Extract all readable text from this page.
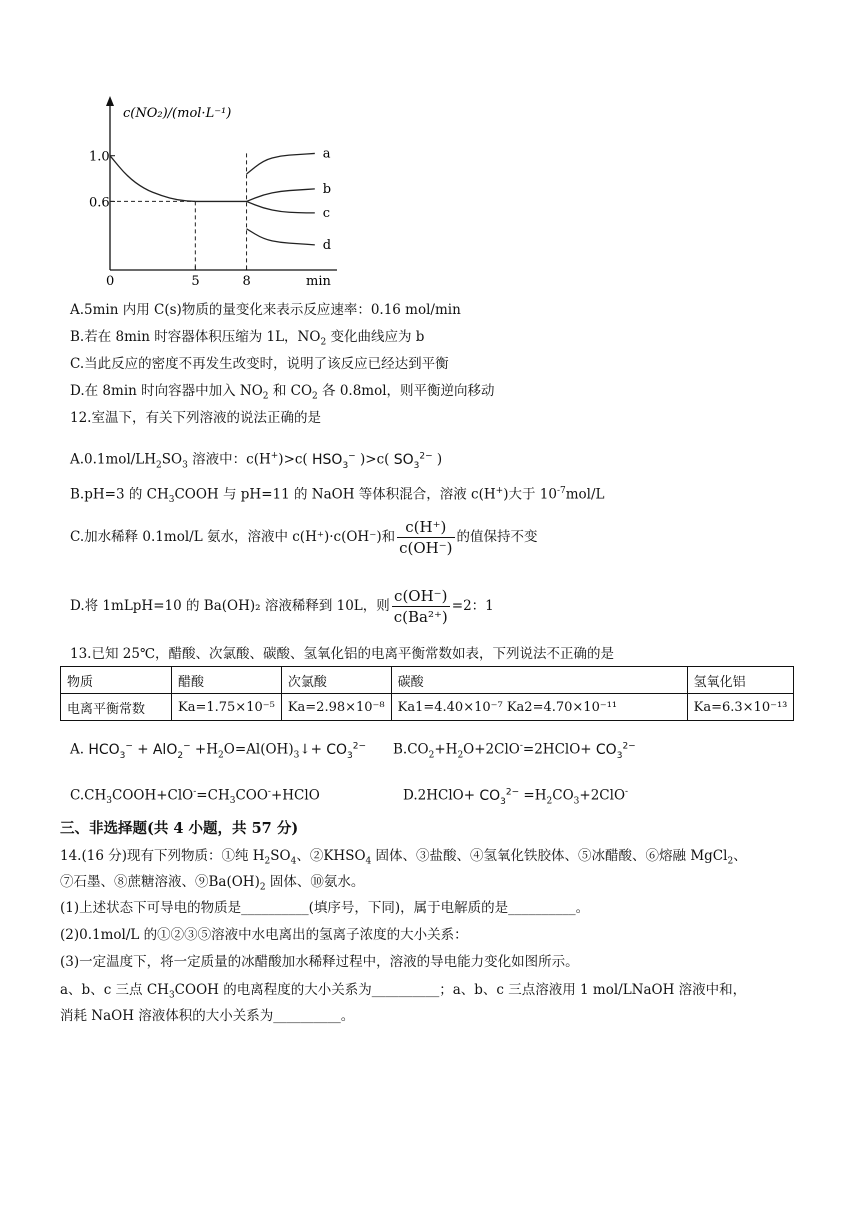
c(NO₂)/(mol·L⁻¹)
min
1.0
0.6
0	5	8
a
b
c
d
A.5min 内用 C(s)物质的量变化来表示反应速率：0.16 mol/min
B.若在 8min 时容器体积压缩为 1L，$NO_2$ 变化曲线应为 b
C.当此反应的密度不再发生改变时，说明了该反应已经达到平衡
D.在 8min 时向容器中加入 $NO_2$ 和 $CO_2$ 各 0.8mol，则平衡逆向移动
12.室温下，有关下列溶液的说法正确的是
$A.0.1mol/LH_2SO_3$ 溶液中：c(H+)>c( $HSO_3^-$ )>c( $SO_3^{2-}$ )
B.pH=3 的 $CH_3COOH$ 与 pH=11 的 NaOH 等体积混合，溶液 c(H+)大于 $10^{-7}mol/L$
C.加水稀释 0.1mol/L 氨水，溶液中 c(H⁺)·c(OH⁻)和 $\frac{c(H^+)}{c(OH^-)}$ 的值保持不变
D.将 1mLpH=10 的 Ba(OH)₂ 溶液稀释到 10L，则 $\frac{c(OH^-)}{\text{c(Ba²⁺)}} =2$：1
13.已知 25℃，醋酸、次氯酸、碳酸、氢氧化铝的电离平衡常数如表，下列说法不正确的是
物质	醋酸	次氯酸	碳酸	氢氧化铝
电离平衡常数	Ka=1.75×10⁻⁵	Ka=2.98×10⁻⁸	Ka1=4.40×10⁻⁷ Ka2=4.70×10⁻¹¹	Ka=6.3×10⁻¹³
A. $HCO_3^- + AlO_2^-$ $+H_2O=Al(OH)_3↓+ CO_3^{2-}$ $B.CO_2+H_2O+2ClO^-=2HClO+ CO_3^{2-}$
$C.CH_3COOH+ClO^-=CH_3COO^-+HClO$	D.2HClO+ $CO_3^{2-} =H_2CO_3+2ClO^-$
三、非选择题(共 4 小题，共 57 分)
14.(16 分)现有下列物质：①纯 $H_2SO_4$、$②KHSO_4$ 固体、③盐酸、④氢氧化铁胶体、⑤冰醋酸、⑥熔融 MgCl$_2$、
⑦石墨、⑧蔗糖溶液、$⑨Ba(OH)_2$ 固体、⑩氨水。
(1)上述状态下可导电的物质是__________(填序号，下同)，属于电解质的是__________。
(2)0.1mol/L 的①②③⑤溶液中水电离出的氢离子浓度的大小关系：
(3)一定温度下，将一定质量的冰醋酸加水稀释过程中，溶液的导电能力变化如图所示。
a、b、c 三点 $CH_3COOH$ 的电离程度的大小关系为__________；a、b、c 三点溶液用 1 mol/LNaOH 溶液中和，
消耗 NaOH 溶液体积的大小关系为__________。
